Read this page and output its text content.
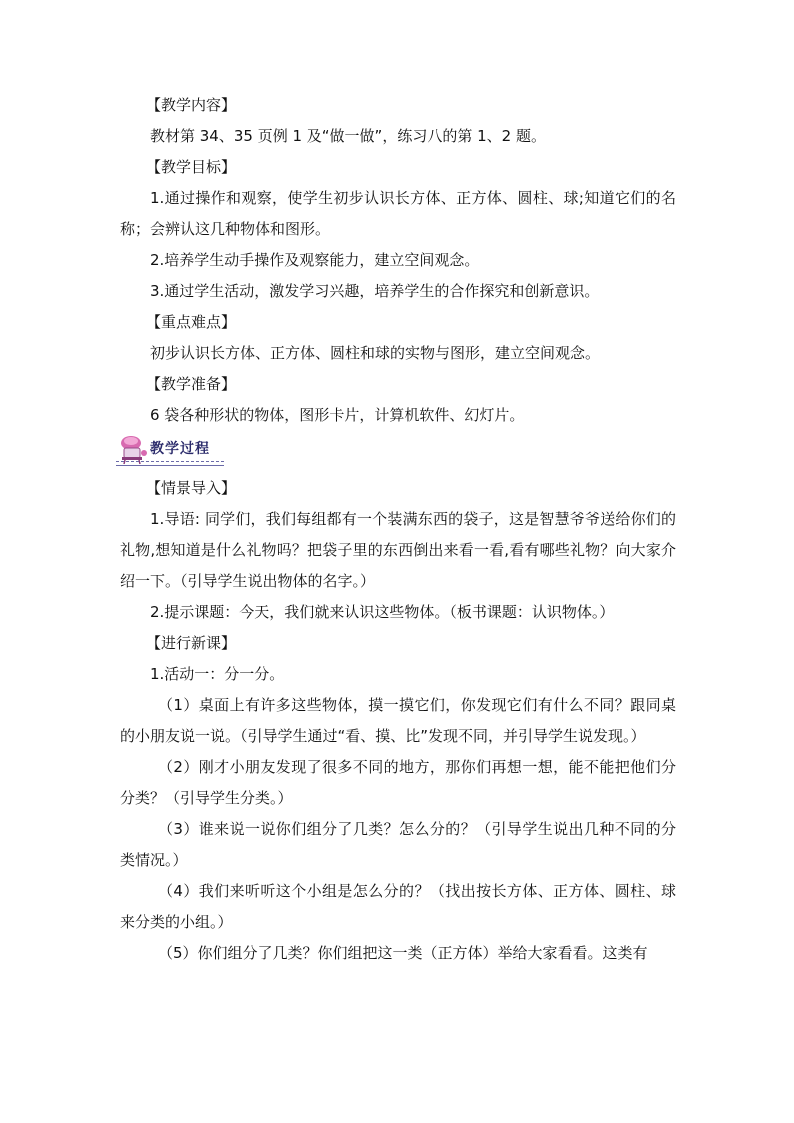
【教学内容】

教材第 34、35 页例 1 及“做一做”，练习八的第 1、2 题。

【教学目标】

1.通过操作和观察，使学生初步认识长方体、正方体、圆柱、球;知道它们的名称；会辨认这几种物体和图形。

2.培养学生动手操作及观察能力，建立空间观念。

3.通过学生活动，激发学习兴趣，培养学生的合作探究和创新意识。

【重点难点】

初步认识长方体、正方体、圆柱和球的实物与图形，建立空间观念。

【教学准备】

6 袋各种形状的物体，图形卡片，计算机软件、幻灯片。

教学过程

【情景导入】

1.导语: 同学们，我们每组都有一个装满东西的袋子，这是智慧爷爷送给你们的礼物,想知道是什么礼物吗？把袋子里的东西倒出来看一看,看有哪些礼物？向大家介绍一下。（引导学生说出物体的名字。）

2.提示课题：今天，我们就来认识这些物体。（板书课题：认识物体。）

【进行新课】

1.活动一：分一分。

（1）桌面上有许多这些物体，摸一摸它们，你发现它们有什么不同？跟同桌的小朋友说一说。（引导学生通过“看、摸、比”发现不同，并引导学生说发现。）

（2）刚才小朋友发现了很多不同的地方，那你们再想一想，能不能把他们分分类？（引导学生分类。）

（3）谁来说一说你们组分了几类？怎么分的？（引导学生说出几种不同的分类情况。）

（4）我们来听听这个小组是怎么分的？（找出按长方体、正方体、圆柱、球来分类的小组。）

（5）你们组分了几类？你们组把这一类（正方体）举给大家看看。这类有
